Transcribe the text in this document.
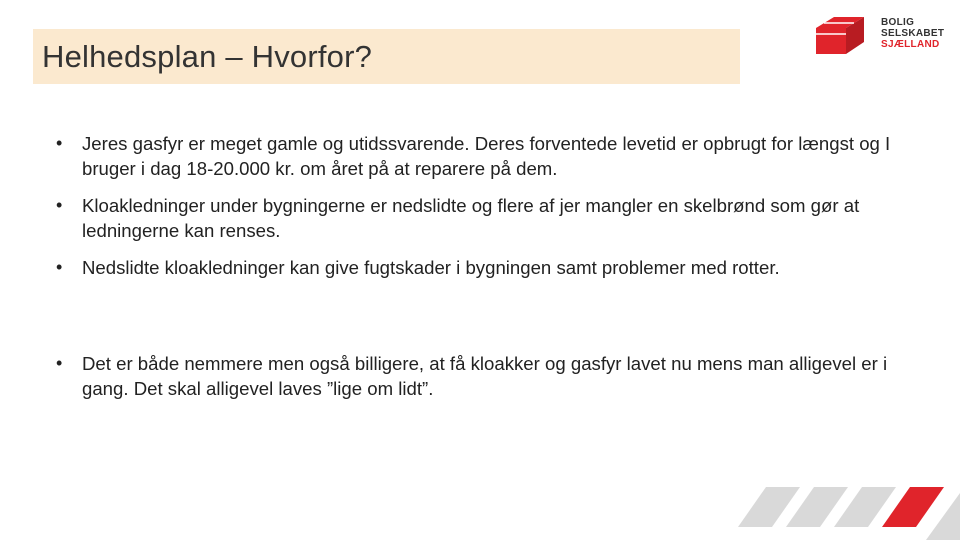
Helhedsplan – Hvorfor?
BOLIG
SELSKABET
SJÆLLAND
• Jeres gasfyr er meget gamle og utidssvarende. Deres forventede levetid er opbrugt for længst og I bruger i dag 18-20.000 kr. om året på at reparere på dem.
• Kloakledninger under bygningerne er nedslidte og flere af jer mangler en skelbrønd som gør at ledningerne kan renses.
• Nedslidte kloakledninger kan give fugtskader i bygningen samt problemer med rotter.
• Det er både nemmere men også billigere, at få kloakker og gasfyr lavet nu mens man alligevel er i gang. Det skal alligevel laves ”lige om lidt”.
